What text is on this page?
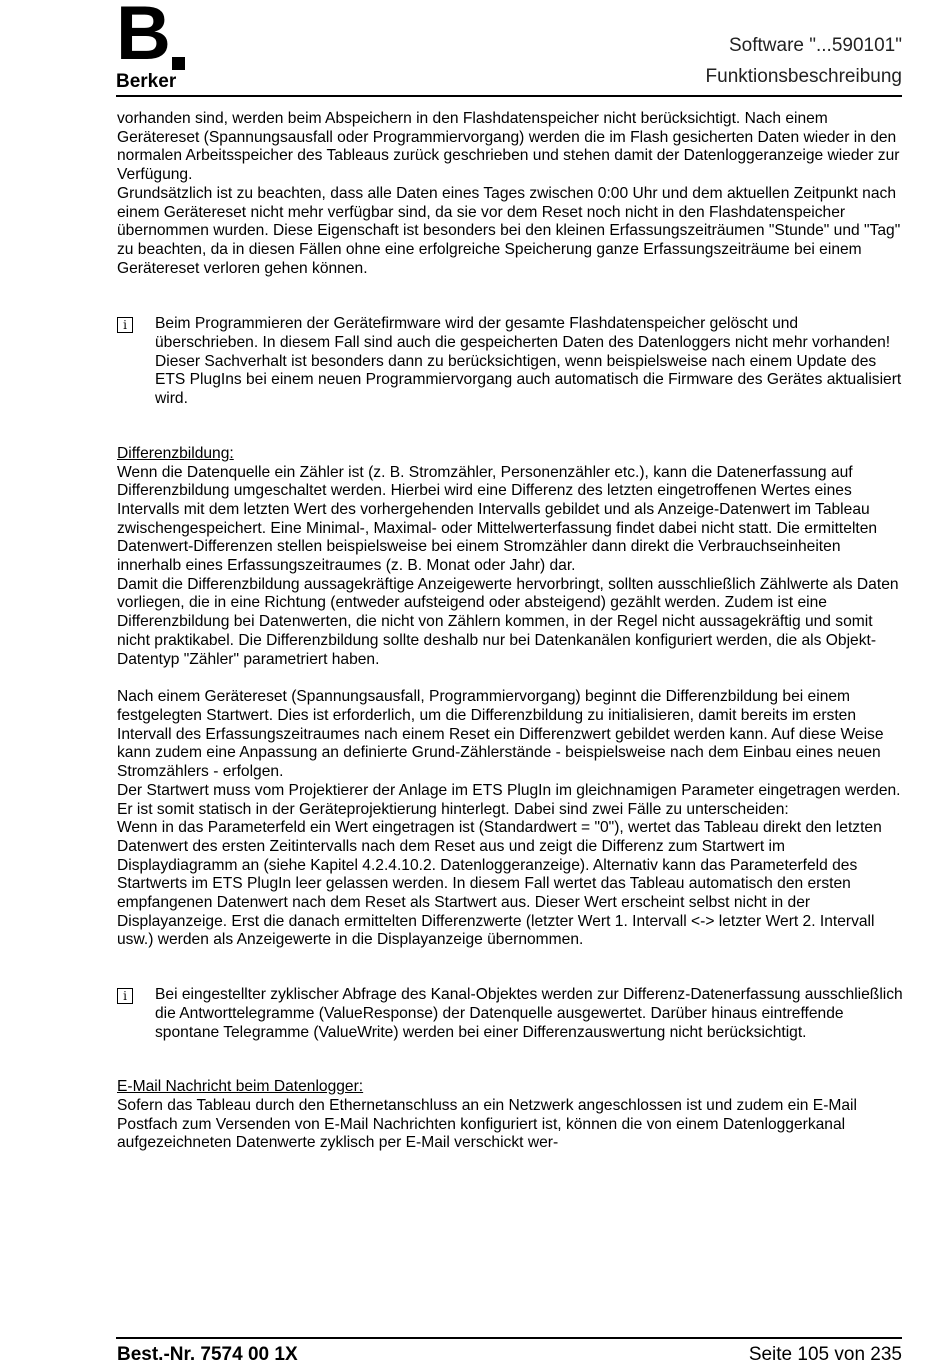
B
Berker
Software "...590101"
Funktionsbeschreibung

vorhanden sind, werden beim Abspeichern in den Flashdatenspeicher nicht berücksichtigt. Nach einem Gerätereset (Spannungsausfall oder Programmiervorgang) werden die im Flash gesicherten Daten wieder in den normalen Arbeitsspeicher des Tableaus zurück geschrieben und stehen damit der Datenloggeranzeige wieder zur Verfügung.

Grundsätzlich ist zu beachten, dass alle Daten eines Tages zwischen 0:00 Uhr und dem aktuellen Zeitpunkt nach einem Gerätereset nicht mehr verfügbar sind, da sie vor dem Reset noch nicht in den Flashdatenspeicher übernommen wurden. Diese Eigenschaft ist besonders bei den kleinen Erfassungszeiträumen "Stunde" und "Tag" zu beachten, da in diesen Fällen ohne eine erfolgreiche Speicherung ganze Erfassungszeiträume bei einem Gerätereset verloren gehen können.

i	Beim Programmieren der Gerätefirmware wird der gesamte Flashdatenspeicher gelöscht und überschrieben. In diesem Fall sind auch die gespeicherten Daten des Datenloggers nicht mehr vorhanden!

Dieser Sachverhalt ist besonders dann zu berücksichtigen, wenn beispielsweise nach einem Update des ETS PlugIns bei einem neuen Programmiervorgang auch automatisch die Firmware des Gerätes aktualisiert wird.

Differenzbildung:

Wenn die Datenquelle ein Zähler ist (z. B. Stromzähler, Personenzähler etc.), kann die Datenerfassung auf Differenzbildung umgeschaltet werden. Hierbei wird eine Differenz des letzten eingetroffenen Wertes eines Intervalls mit dem letzten Wert des vorhergehenden Intervalls gebildet und als Anzeige-Datenwert im Tableau zwischengespeichert. Eine Minimal-, Maximal- oder Mittelwerterfassung findet dabei nicht statt. Die ermittelten Datenwert-Differenzen stellen beispielsweise bei einem Stromzähler dann direkt die Verbrauchseinheiten innerhalb eines Erfassungszeitraumes (z. B. Monat oder Jahr) dar.

Damit die Differenzbildung aussagekräftige Anzeigewerte hervorbringt, sollten ausschließlich Zählwerte als Daten vorliegen, die in eine Richtung (entweder aufsteigend oder absteigend) gezählt werden. Zudem ist eine Differenzbildung bei Datenwerten, die nicht von Zählern kommen, in der Regel nicht aussagekräftig und somit nicht praktikabel. Die Differenzbildung sollte deshalb nur bei Datenkanälen konfiguriert werden, die als Objekt-Datentyp "Zähler" parametriert haben.

Nach einem Gerätereset (Spannungsausfall, Programmiervorgang) beginnt die Differenzbildung bei einem festgelegten Startwert. Dies ist erforderlich, um die Differenzbildung zu initialisieren, damit bereits im ersten Intervall des Erfassungszeitraumes nach einem Reset ein Differenzwert gebildet werden kann. Auf diese Weise kann zudem eine Anpassung an definierte Grund-Zählerstände - beispielsweise nach dem Einbau eines neuen Stromzählers - erfolgen.

Der Startwert muss vom Projektierer der Anlage im ETS PlugIn im gleichnamigen Parameter eingetragen werden. Er ist somit statisch in der Geräteprojektierung hinterlegt. Dabei sind zwei Fälle zu unterscheiden:

Wenn in das Parameterfeld ein Wert eingetragen ist (Standardwert = "0"), wertet das Tableau direkt den letzten Datenwert des ersten Zeitintervalls nach dem Reset aus und zeigt die Differenz zum Startwert im Displaydiagramm an (siehe Kapitel 4.2.4.10.2. Datenloggeranzeige). Alternativ kann das Parameterfeld des Startwerts im ETS PlugIn leer gelassen werden. In diesem Fall wertet das Tableau automatisch den ersten empfangenen Datenwert nach dem Reset als Startwert aus. Dieser Wert erscheint selbst nicht in der Displayanzeige. Erst die danach ermittelten Differenzwerte (letzter Wert 1. Intervall <-> letzter Wert 2. Intervall usw.) werden als Anzeigewerte in die Displayanzeige übernommen.

i	Bei eingestellter zyklischer Abfrage des Kanal-Objektes werden zur Differenz-Datenerfassung ausschließlich die Antworttelegramme (ValueResponse) der Datenquelle ausgewertet. Darüber hinaus eintreffende spontane Telegramme (ValueWrite) werden bei einer Differenzauswertung nicht berücksichtigt.

E-Mail Nachricht beim Datenlogger:

Sofern das Tableau durch den Ethernetanschluss an ein Netzwerk angeschlossen ist und zudem ein E-Mail Postfach zum Versenden von E-Mail Nachrichten konfiguriert ist, können die von einem Datenloggerkanal aufgezeichneten Datenwerte zyklisch per E-Mail verschickt wer-

Best.-Nr. 7574 00 1X	Seite 105 von 235
